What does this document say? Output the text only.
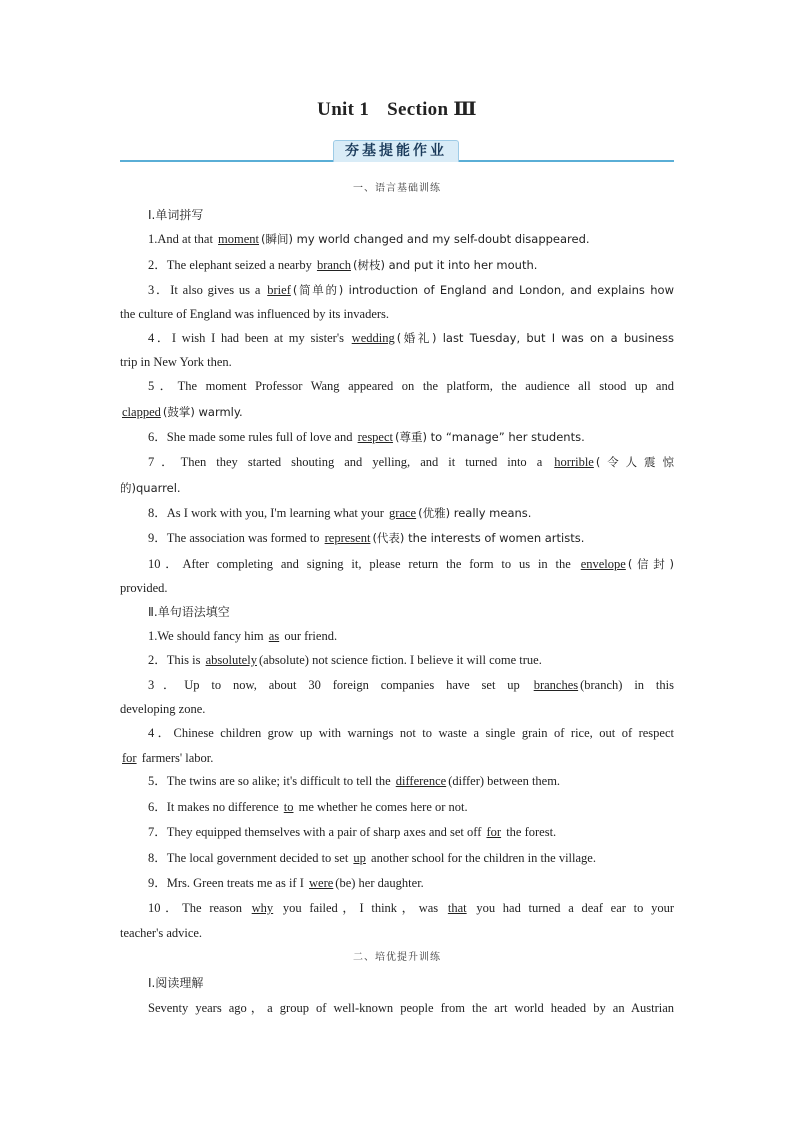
Unit 1 Section Ⅲ
夯基提能作业
一、语言基础训练
Ⅰ.单词拼写
1.And at that moment (瞬间) my world changed and my self-doubt disappeared.
2．The elephant seized a nearby branch (树枝) and put it into her mouth.
3．It also gives us a brief (简单的) introduction of England and London, and explains how
the culture of England was influenced by its invaders.
4．I wish I had been at my sister's wedding (婚礼) last Tuesday, but I was on a business
trip in New York then.
5．The moment Professor Wang appeared on the platform, the audience all stood up and
clapped (鼓掌) warmly.
6．She made some rules full of love and respect (尊重) to “manage” her students.
7．Then they started shouting and yelling, and it turned into a horrible (令人震惊
的)quarrel.
8．As I work with you, I'm learning what your grace (优雅) really means.
9．The association was formed to represent (代表) the interests of women artists.
10．After completing and signing it, please return the form to us in the envelope (信封)
provided.
Ⅱ.单句语法填空
1.We should fancy him as our friend.
2．This is absolutely (absolute) not science fiction. I believe it will come true.
3．Up to now, about 30 foreign companies have set up branches (branch) in this
developing zone.
4．Chinese children grow up with warnings not to waste a single grain of rice, out of respect
for farmers' labor.
5．The twins are so alike; it's difficult to tell the difference (differ) between them.
6．It makes no difference to me whether he comes here or not.
7．They equipped themselves with a pair of sharp axes and set off for the forest.
8．The local government decided to set up another school for the children in the village.
9．Mrs. Green treats me as if I were (be) her daughter.
10．The reason why you failed，I think，was that you had turned a deaf ear to your
teacher's advice.
二、培优提升训练
Ⅰ.阅读理解
Seventy years ago，a group of well-known people from the art world headed by an Austrian
